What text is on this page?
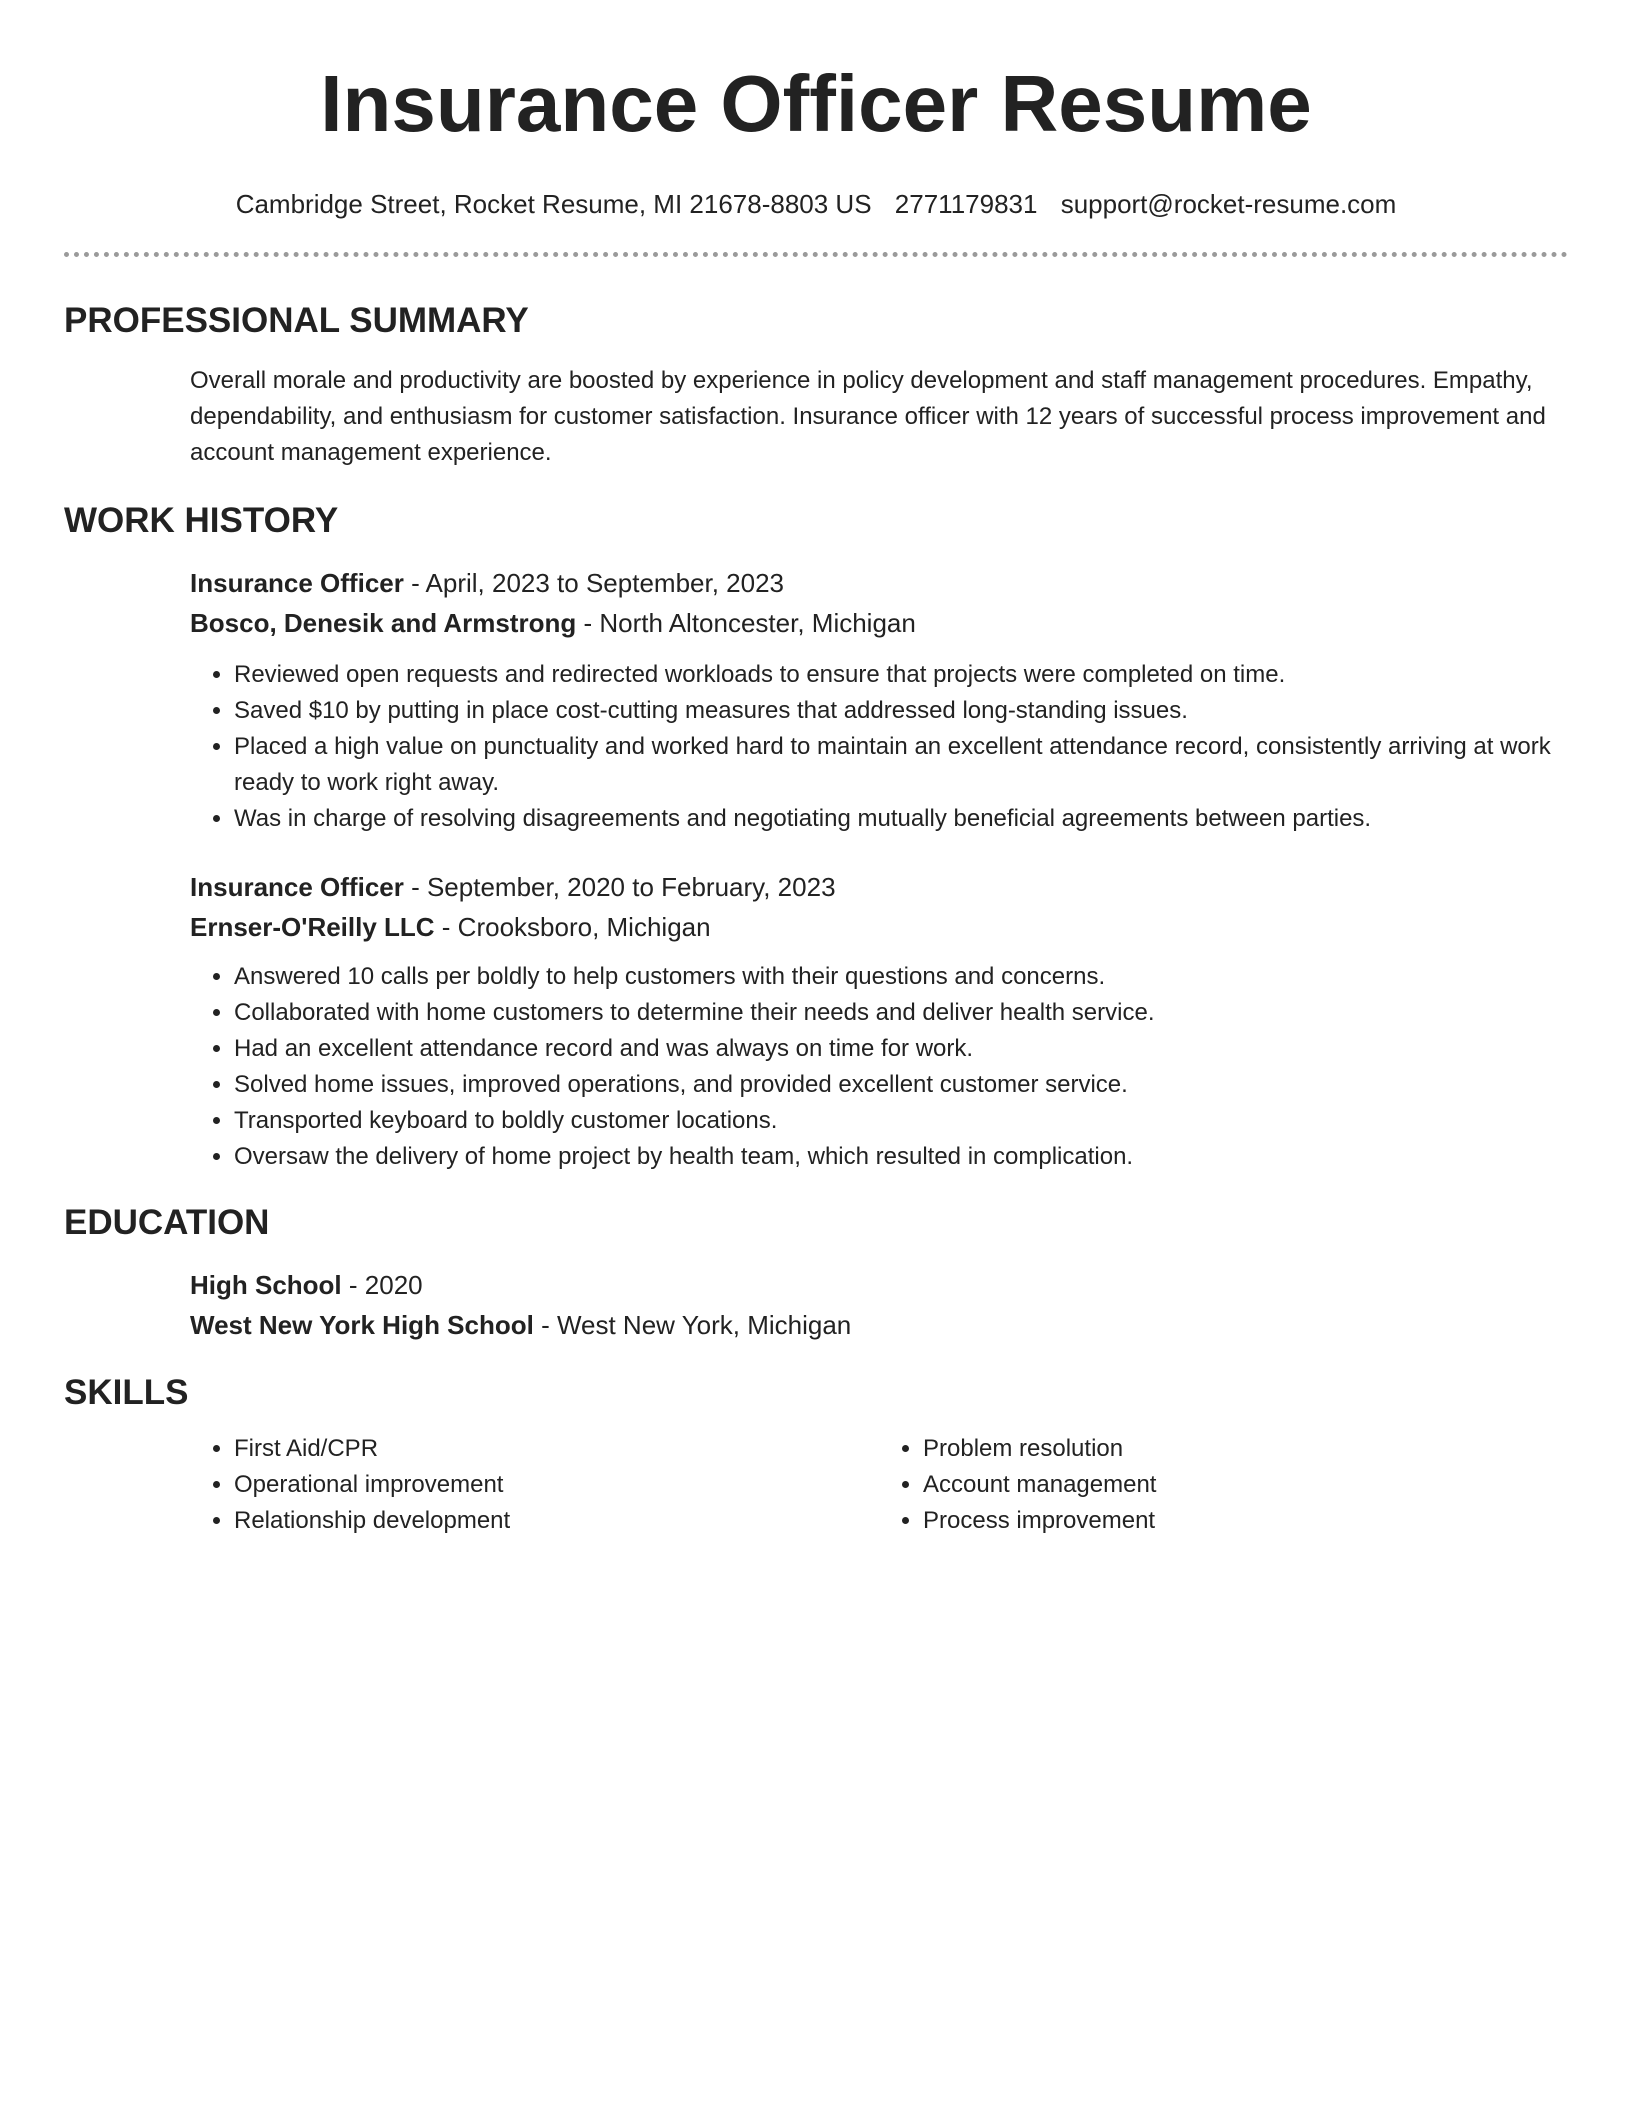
Insurance Officer Resume
Cambridge Street, Rocket Resume, MI 21678-8803 US 2771179831 support@rocket-resume.com
PROFESSIONAL SUMMARY

Overall morale and productivity are boosted by experience in policy development and staff management procedures. Empathy, dependability, and enthusiasm for customer satisfaction. Insurance officer with 12 years of successful process improvement and account management experience.

WORK HISTORY

Insurance Officer - April, 2023 to September, 2023

Bosco, Denesik and Armstrong - North Altoncester, Michigan

• Reviewed open requests and redirected workloads to ensure that projects were completed on time.
• Saved $10 by putting in place cost-cutting measures that addressed long-standing issues.
• Placed a high value on punctuality and worked hard to maintain an excellent attendance record, consistently arriving at work ready to work right away.
• Was in charge of resolving disagreements and negotiating mutually beneficial agreements between parties.

Insurance Officer - September, 2020 to February, 2023

Ernser-O'Reilly LLC - Crooksboro, Michigan

• Answered 10 calls per boldly to help customers with their questions and concerns.
• Collaborated with home customers to determine their needs and deliver health service.
• Had an excellent attendance record and was always on time for work.
• Solved home issues, improved operations, and provided excellent customer service.
• Transported keyboard to boldly customer locations.
• Oversaw the delivery of home project by health team, which resulted in complication.
EDUCATION

High School - 2020

West New York High School - West New York, Michigan

SKILLS
• First Aid/CPR
• Operational improvement
• Relationship development
• Problem resolution
• Account management
• Process improvement
